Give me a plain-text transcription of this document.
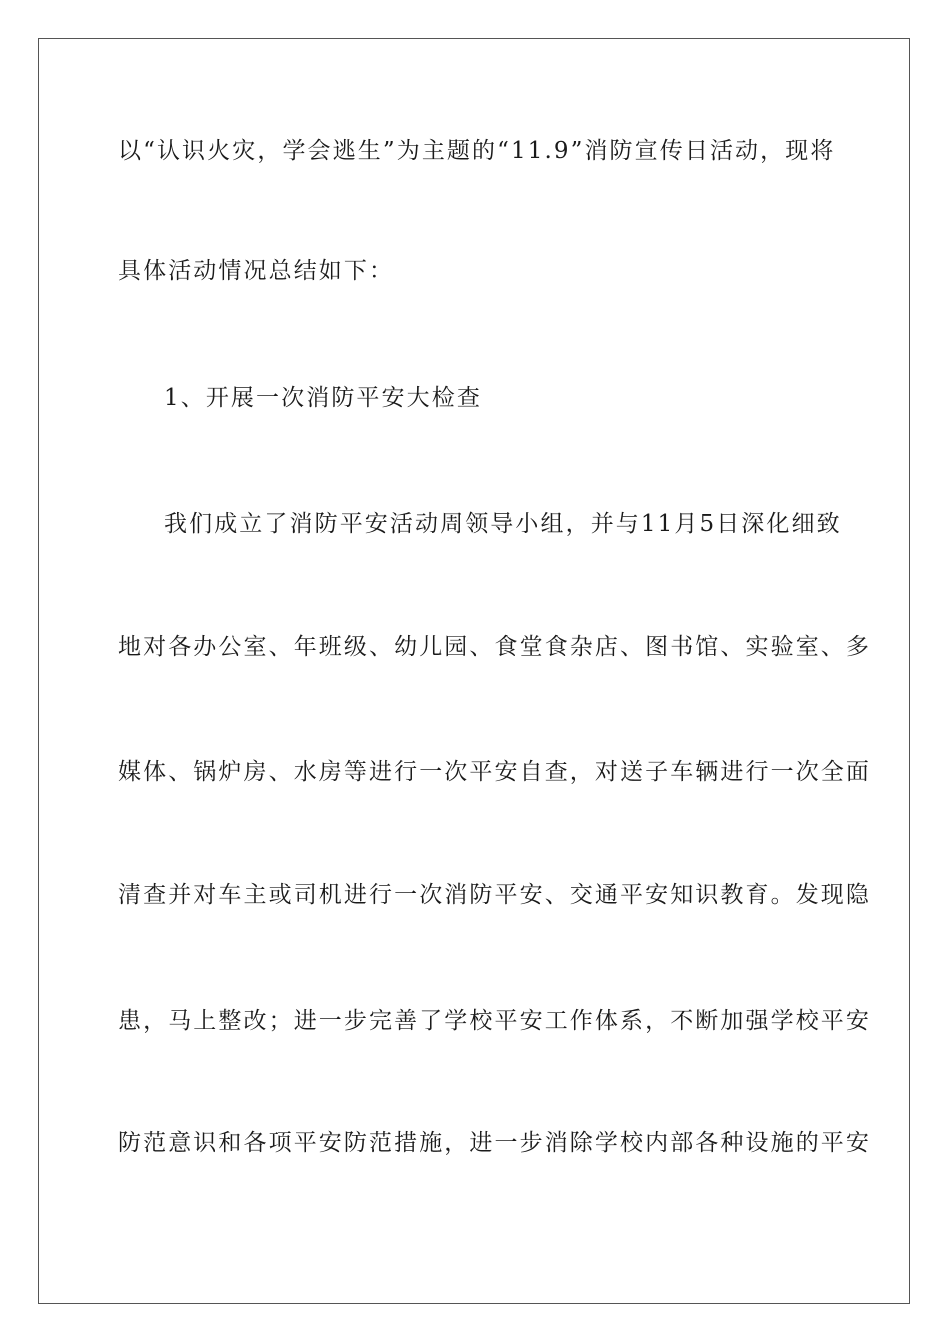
以“认识火灾，学会逃生”为主题的“11.9”消防宣传日活动，现将
具体活动情况总结如下：
1、开展一次消防平安大检查
我们成立了消防平安活动周领导小组，并与11月5日深化细致
地对各办公室、年班级、幼儿园、食堂食杂店、图书馆、实验室、多
媒体、锅炉房、水房等进行一次平安自查，对送子车辆进行一次全面
清查并对车主或司机进行一次消防平安、交通平安知识教育。发现隐
患，马上整改；进一步完善了学校平安工作体系，不断加强学校平安
防范意识和各项平安防范措施，进一步消除学校内部各种设施的平安
